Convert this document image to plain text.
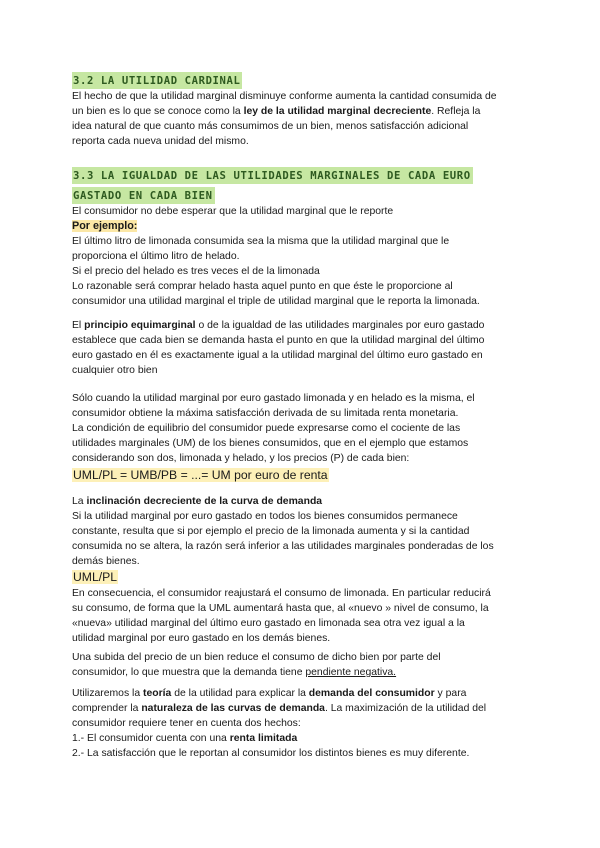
3.2 LA UTILIDAD CARDINAL
El hecho de que la utilidad marginal disminuye conforme aumenta la cantidad consumida de
un bien es lo que se conoce como la ley de la utilidad marginal decreciente. Refleja la
idea natural de que cuanto más consumimos de un bien, menos satisfacción adicional
reporta cada nueva unidad del mismo.
3.3 LA IGUALDAD DE LAS UTILIDADES MARGINALES DE CADA EURO
GASTADO EN CADA BIEN
El consumidor no debe esperar que la utilidad marginal que le reporte
Por ejemplo:
El último litro de limonada consumida sea la misma que la utilidad marginal que le
proporciona el último litro de helado.
Si el precio del helado es tres veces el de la limonada
Lo razonable será comprar helado hasta aquel punto en que éste le proporcione al
consumidor una utilidad marginal el triple de utilidad marginal que le reporta la limonada.
El principio equimarginal o de la igualdad de las utilidades marginales por euro gastado
establece que cada bien se demanda hasta el punto en que la utilidad marginal del último
euro gastado en él es exactamente igual a la utilidad marginal del último euro gastado en
cualquier otro bien
Sólo cuando la utilidad marginal por euro gastado limonada y en helado es la misma, el
consumidor obtiene la máxima satisfacción derivada de su limitada renta monetaria.
La condición de equilibrio del consumidor puede expresarse como el cociente de las
utilidades marginales (UM) de los bienes consumidos, que en el ejemplo que estamos
considerando son dos, limonada y helado, y los precios (P) de cada bien:
UML/PL = UMB/PB = ...= UM por euro de renta
La inclinación decreciente de la curva de demanda
Si la utilidad marginal por euro gastado en todos los bienes consumidos permanece
constante, resulta que si por ejemplo el precio de la limonada aumenta y si la cantidad
consumida no se altera, la razón será inferior a las utilidades marginales ponderadas de los
demás bienes.
UML/PL
En consecuencia, el consumidor reajustará el consumo de limonada. En particular reducirá
su consumo, de forma que la UML aumentará hasta que, al «nuevo » nivel de consumo, la
«nueva» utilidad marginal del último euro gastado en limonada sea otra vez igual a la
utilidad marginal por euro gastado en los demás bienes.
Una subida del precio de un bien reduce el consumo de dicho bien por parte del
consumidor, lo que muestra que la demanda tiene pendiente negativa.
Utilizaremos la teoría de la utilidad para explicar la demanda del consumidor y para
comprender la naturaleza de las curvas de demanda. La maximización de la utilidad del
consumidor requiere tener en cuenta dos hechos:
1.- El consumidor cuenta con una renta limitada
2.- La satisfacción que le reportan al consumidor los distintos bienes es muy diferente.
